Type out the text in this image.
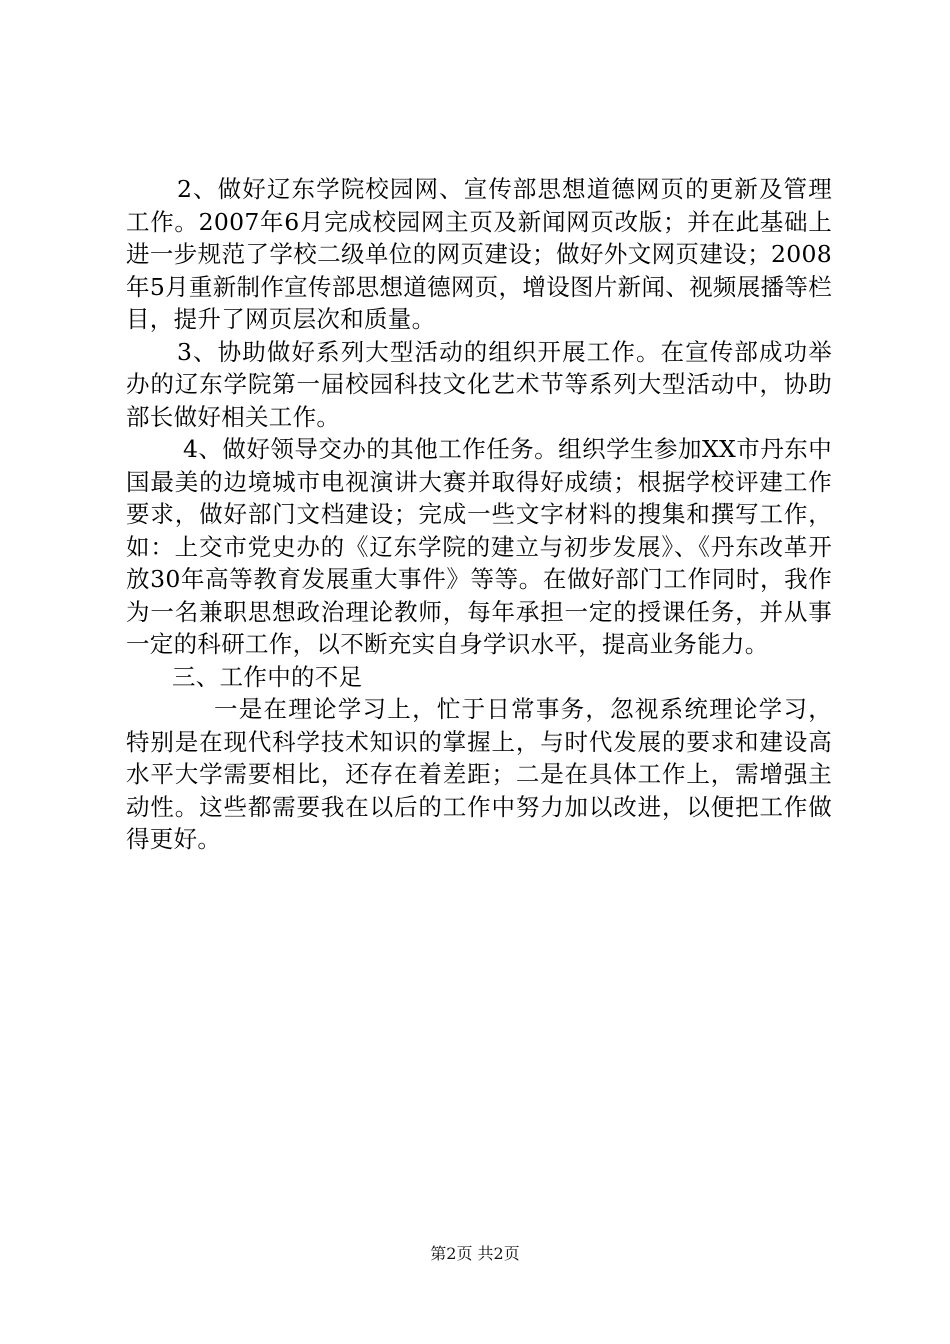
2、做好辽东学院校园网、宣传部思想道德网页的更新及管理工作。2007年6月完成校园网主页及新闻网页改版；并在此基础上进一步规范了学校二级单位的网页建设；做好外文网页建设；2008年5月重新制作宣传部思想道德网页，增设图片新闻、视频展播等栏目，提升了网页层次和质量。

3、协助做好系列大型活动的组织开展工作。在宣传部成功举办的辽东学院第一届校园科技文化艺术节等系列大型活动中，协助部长做好相关工作。

4、做好领导交办的其他工作任务。组织学生参加XX市丹东中国最美的边境城市电视演讲大赛并取得好成绩；根据学校评建工作要求，做好部门文档建设；完成一些文字材料的搜集和撰写工作，如：上交市党史办的《辽东学院的建立与初步发展》、《丹东改革开放30年高等教育发展重大事件》等等。在做好部门工作同时，我作为一名兼职思想政治理论教师，每年承担一定的授课任务，并从事一定的科研工作，以不断充实自身学识水平，提高业务能力。

三、工作中的不足

一是在理论学习上，忙于日常事务，忽视系统理论学习，特别是在现代科学技术知识的掌握上，与时代发展的要求和建设高水平大学需要相比，还存在着差距；二是在具体工作上，需增强主动性。这些都需要我在以后的工作中努力加以改进，以便把工作做得更好。

第2页 共2页
